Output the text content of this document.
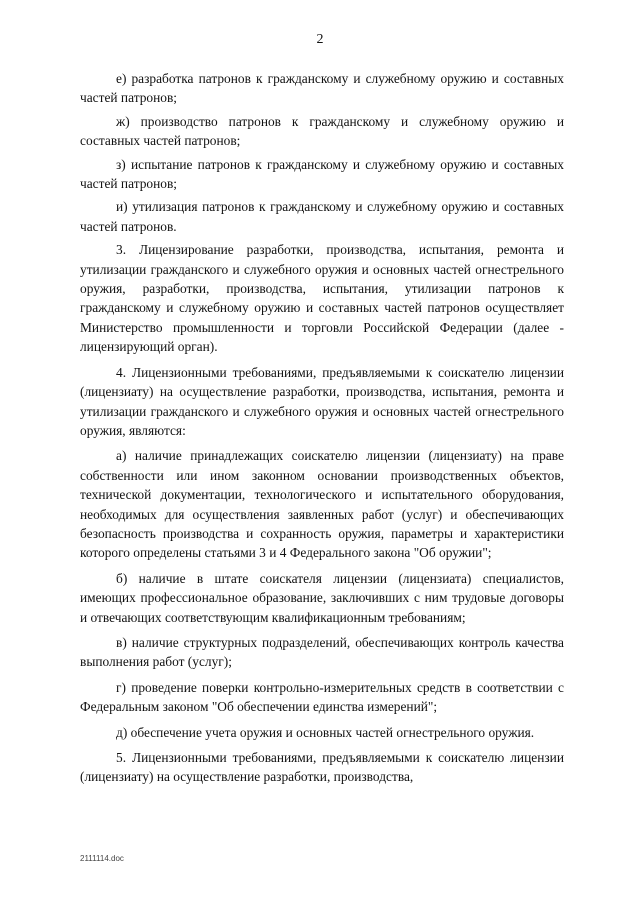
2

е) разработка патронов к гражданскому и служебному оружию и составных частей патронов;

ж) производство патронов к гражданскому и служебному оружию и составных частей патронов;

з) испытание патронов к гражданскому и служебному оружию и составных частей патронов;

и) утилизация патронов к гражданскому и служебному оружию и составных частей патронов.

3. Лицензирование разработки, производства, испытания, ремонта и утилизации гражданского и служебного оружия и основных частей огнестрельного оружия, разработки, производства, испытания, утилизации патронов к гражданскому и служебному оружию и составных частей патронов осуществляет Министерство промышленности и торговли Российской Федерации (далее - лицензирующий орган).

4. Лицензионными требованиями, предъявляемыми к соискателю лицензии (лицензиату) на осуществление разработки, производства, испытания, ремонта и утилизации гражданского и служебного оружия и основных частей огнестрельного оружия, являются:

а) наличие принадлежащих соискателю лицензии (лицензиату) на праве собственности или ином законном основании производственных объектов, технической документации, технологического и испытательного оборудования, необходимых для осуществления заявленных работ (услуг) и обеспечивающих безопасность производства и сохранность оружия, параметры и характеристики которого определены статьями 3 и 4 Федерального закона "Об оружии";

б) наличие в штате соискателя лицензии (лицензиата) специалистов, имеющих профессиональное образование, заключивших с ним трудовые договоры и отвечающих соответствующим квалификационным требованиям;

в) наличие структурных подразделений, обеспечивающих контроль качества выполнения работ (услуг);

г) проведение поверки контрольно-измерительных средств в соответствии с Федеральным законом "Об обеспечении единства измерений";

д) обеспечение учета оружия и основных частей огнестрельного оружия.

5. Лицензионными требованиями, предъявляемыми к соискателю лицензии (лицензиату) на осуществление разработки, производства,

2111114.doc
